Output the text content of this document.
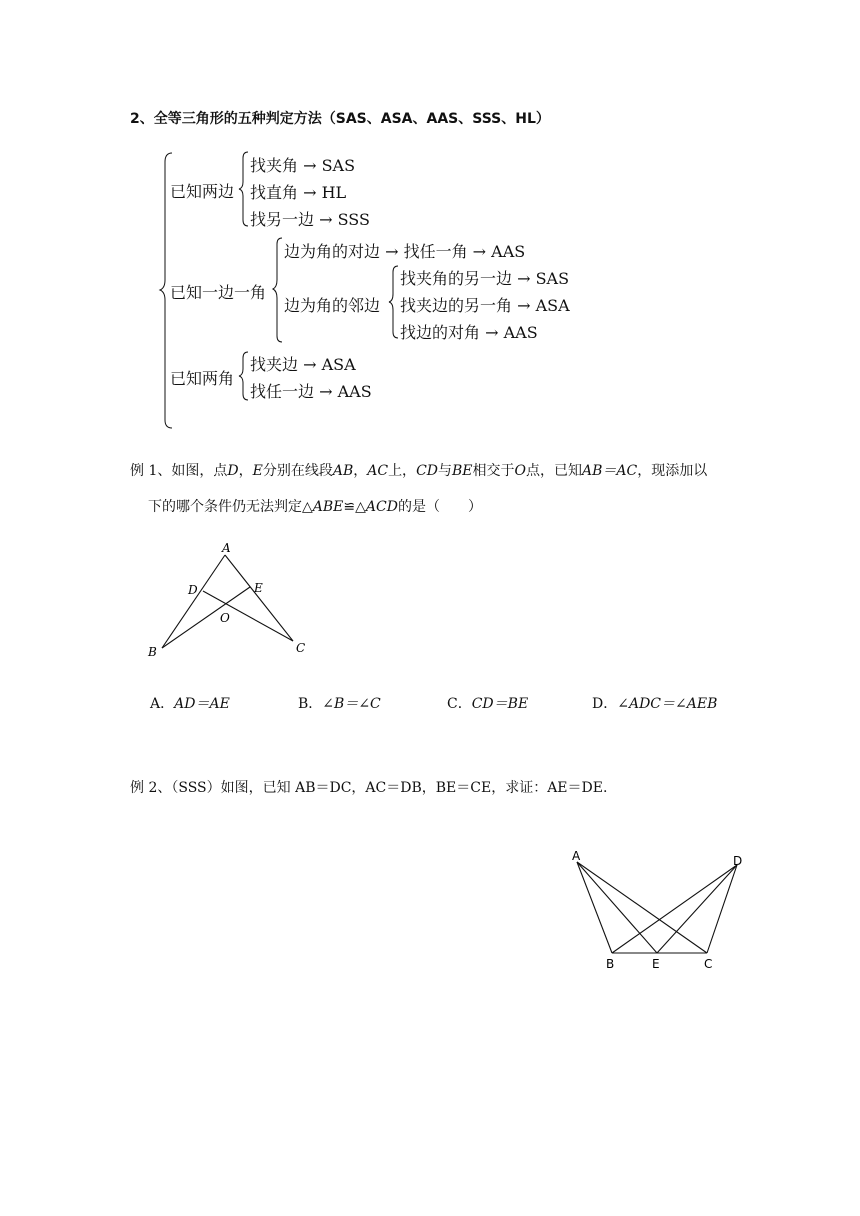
2、全等三角形的五种判定方法（SAS、ASA、AAS、SSS、HL）
已知两边
找夹角 → SAS
找直角 → HL
找另一边 → SSS
已知一边一角
边为角的对边 → 找任一角 → AAS
边为角的邻边
找夹角的另一边 → SAS
找夹边的另一角 → ASA
找边的对角 → AAS
已知两角
找夹边 → ASA
找任一边 → AAS
例 1、如图，点D，E分别在线段AB，AC上，CD与BE相交于O点，已知AB＝AC，现添加以
下的哪个条件仍无法判定△ABE≌△ACD的是（　　）
A
D	E
O
B	C
A．AD＝AE	B．∠B＝∠C	C．CD＝BE	D．∠ADC＝∠AEB
例 2、（SSS）如图，已知 AB＝DC，AC＝DB，BE＝CE，求证：AE＝DE.
A	D
B	E	C
